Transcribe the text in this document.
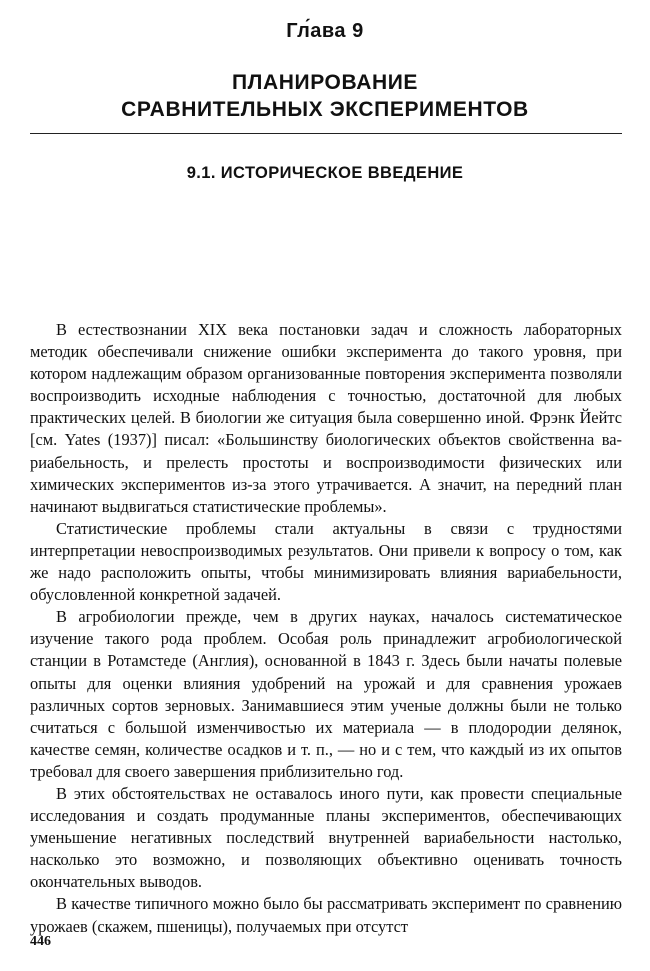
Гл́ава 9
ПЛАНИРОВАНИЕ
СРАВНИТЕЛЬНЫХ ЭКСПЕРИМЕНТОВ
9.1. ИСТОРИЧЕСКОЕ ВВЕДЕНИЕ

В естествознании XIX века постановки задач и сложность лабораторных методик обеспечивали снижение ошибки эксперимента до такого уровня, при котором надлежащим образом организованные повторения эксперимента позволяли воспроизводить исходные наблюдения с точностью, достаточной для любых практических целей. В биологии же ситуация была совершенно иной. Фрэнк Йейтс [см. Yates (1937)] писал: «Большинству биологических объектов свойственна вариабельность, и прелесть простоты и воспроизводимости физических или химических экспериментов из-за этого утрачивается. А значит, на передний план начинают выдвигаться статистические проблемы».

Статистические проблемы стали актуальны в связи с трудностями интерпретации невоспроизводимых результатов. Они привели к вопросу о том, как же надо расположить опыты, чтобы минимизировать влияния вариабельности, обусловленной конкретной задачей.

В агробиологии прежде, чем в других науках, началось систематическое изучение такого рода проблем. Особая роль принадлежит агробиологической станции в Ротамстеде (Англия), основанной в 1843 г. Здесь были начаты полевые опыты для оценки влияния удобрений на урожай и для сравнения урожаев различных сортов зерновых. Занимавшиеся этим ученые должны были не только считаться с большой изменчивостью их материала — в плодородии делянок, качестве семян, количестве осадков и т. п., — но и с тем, что каждый из их опытов требовал для своего завершения приблизительно год.

В этих обстоятельствах не оставалось иного пути, как провести специальные исследования и создать продуманные планы экспериментов, обеспечивающих уменьшение негативных последствий внутренней вариабельности настолько, насколько это возможно, и позволяющих объективно оценивать точность окончательных выводов.

В качестве типичного можно было бы рассматривать эксперимент по сравнению урожаев (скажем, пшеницы), получаемых при отсутст

446
